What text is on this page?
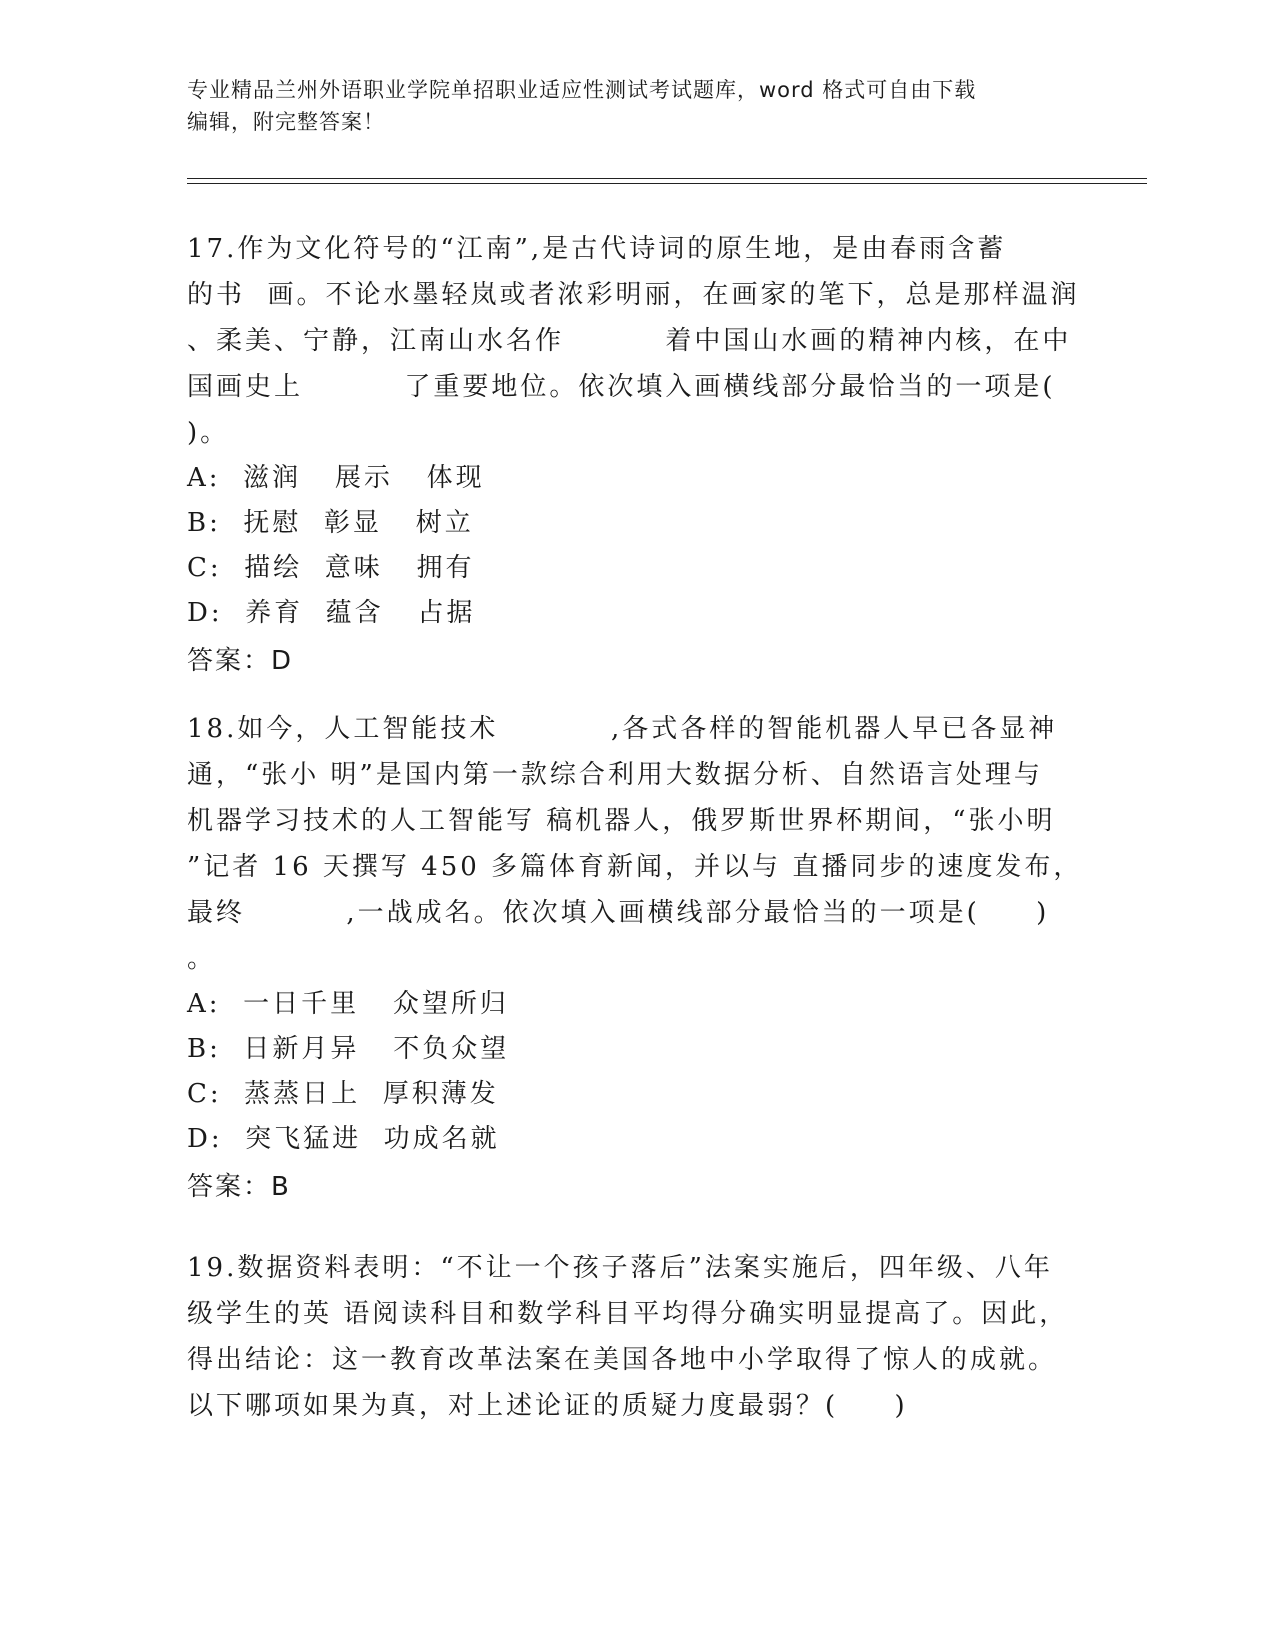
专业精品兰州外语职业学院单招职业适应性测试考试题库，word 格式可自由下载
编辑，附完整答案！
17.作为文化符号的“江南”,是古代诗词的原生地，是由春雨含蓄
的书  画。不论水墨轻岚或者浓彩明丽，在画家的笔下，总是那样温润
、柔美、宁静，江南山水名作         着中国山水画的精神内核，在中
国画史上         了重要地位。依次填入画横线部分最恰当的一项是(
)。
A:  滋润   展示   体现
B:  抚慰  彰显   树立
C:  描绘  意味   拥有
D:  养育  蕴含   占据
答案：D
18.如今，人工智能技术          ,各式各样的智能机器人早已各显神
通，“张小 明”是国内第一款综合利用大数据分析、自然语言处理与
机器学习技术的人工智能写 稿机器人，俄罗斯世界杯期间，“张小明
”记者 16 天撰写 450 多篇体育新闻，并以与 直播同步的速度发布，
最终         ,一战成名。依次填入画横线部分最恰当的一项是(     )
。
A:  一日千里   众望所归
B:  日新月异   不负众望
C:  蒸蒸日上  厚积薄发
D:  突飞猛进  功成名就
答案：B
19.数据资料表明：“不让一个孩子落后”法案实施后，四年级、八年
级学生的英 语阅读科目和数学科目平均得分确实明显提高了。因此，
得出结论：这一教育改革法案在美国各地中小学取得了惊人的成就。
以下哪项如果为真，对上述论证的质疑力度最弱？(     )
